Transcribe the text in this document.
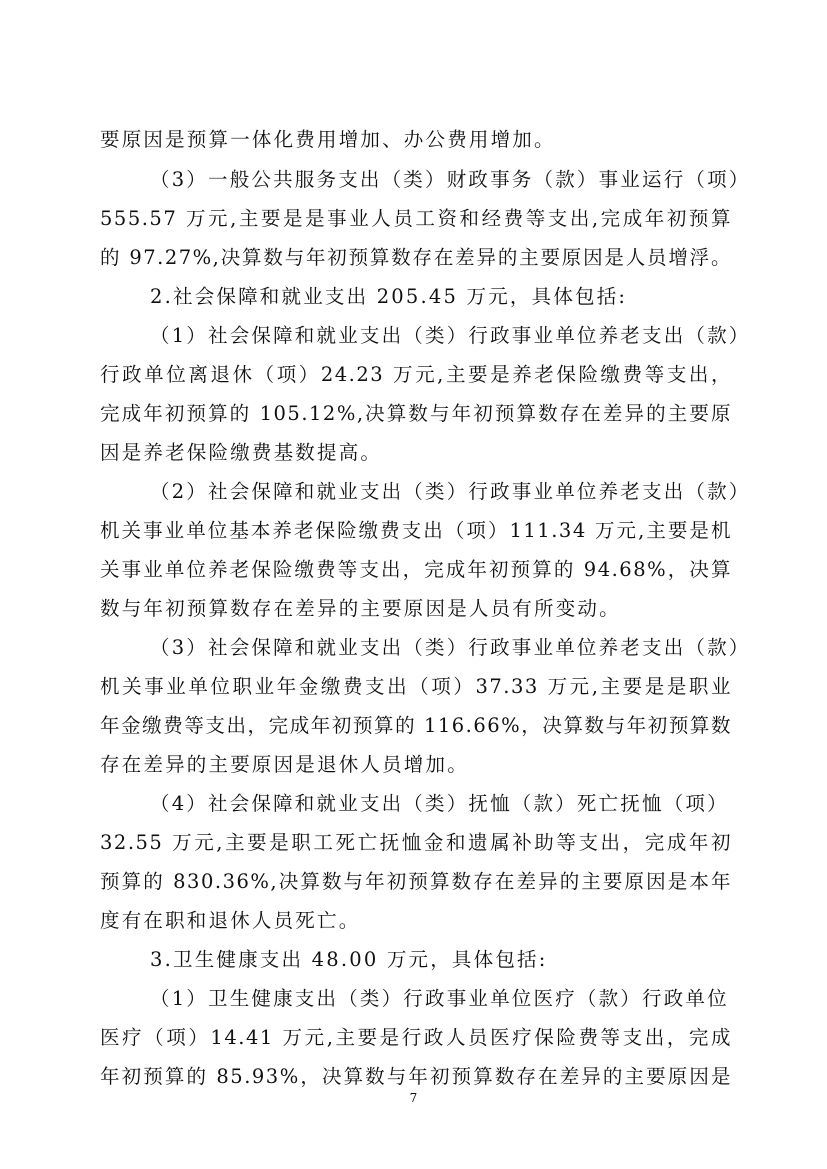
要原因是预算一体化费用增加、办公费用增加。
（3）一般公共服务支出（类）财政事务（款）事业运行（项）
555.57 万元,主要是是事业人员工资和经费等支出,完成年初预算
的 97.27%,决算数与年初预算数存在差异的主要原因是人员增浮。
2.社会保障和就业支出 205.45 万元，具体包括:
（1）社会保障和就业支出（类）行政事业单位养老支出（款）
行政单位离退休（项）24.23 万元,主要是养老保险缴费等支出，
完成年初预算的 105.12%,决算数与年初预算数存在差异的主要原
因是养老保险缴费基数提高。
（2）社会保障和就业支出（类）行政事业单位养老支出（款）
机关事业单位基本养老保险缴费支出（项）111.34 万元,主要是机
关事业单位养老保险缴费等支出，完成年初预算的 94.68%，决算
数与年初预算数存在差异的主要原因是人员有所变动。
（3）社会保障和就业支出（类）行政事业单位养老支出（款）
机关事业单位职业年金缴费支出（项）37.33 万元,主要是是职业
年金缴费等支出，完成年初预算的 116.66%，决算数与年初预算数
存在差异的主要原因是退休人员增加。
（4）社会保障和就业支出（类）抚恤（款）死亡抚恤（项）
32.55 万元,主要是职工死亡抚恤金和遗属补助等支出，完成年初
预算的 830.36%,决算数与年初预算数存在差异的主要原因是本年
度有在职和退休人员死亡。
3.卫生健康支出 48.00 万元，具体包括:
（1）卫生健康支出（类）行政事业单位医疗（款）行政单位
医疗（项）14.41 万元,主要是行政人员医疗保险费等支出，完成
年初预算的 85.93%，决算数与年初预算数存在差异的主要原因是
7
